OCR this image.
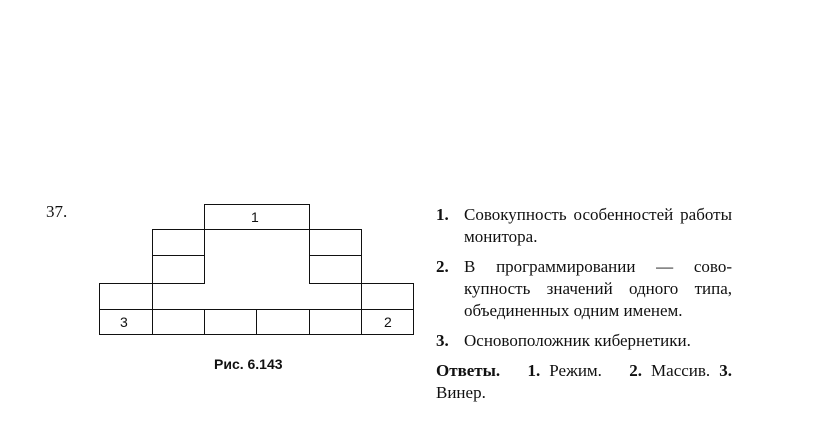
37.	1
3	2
Рис. 6.143
1. Совокупность особенностей работы монитора.
2. В программировании — сово-купность значений одного типа, объединенных одним именем.
3. Основоположник кибернетики.
Ответы. 1. Режим. 2. Массив. 3. Винер.
